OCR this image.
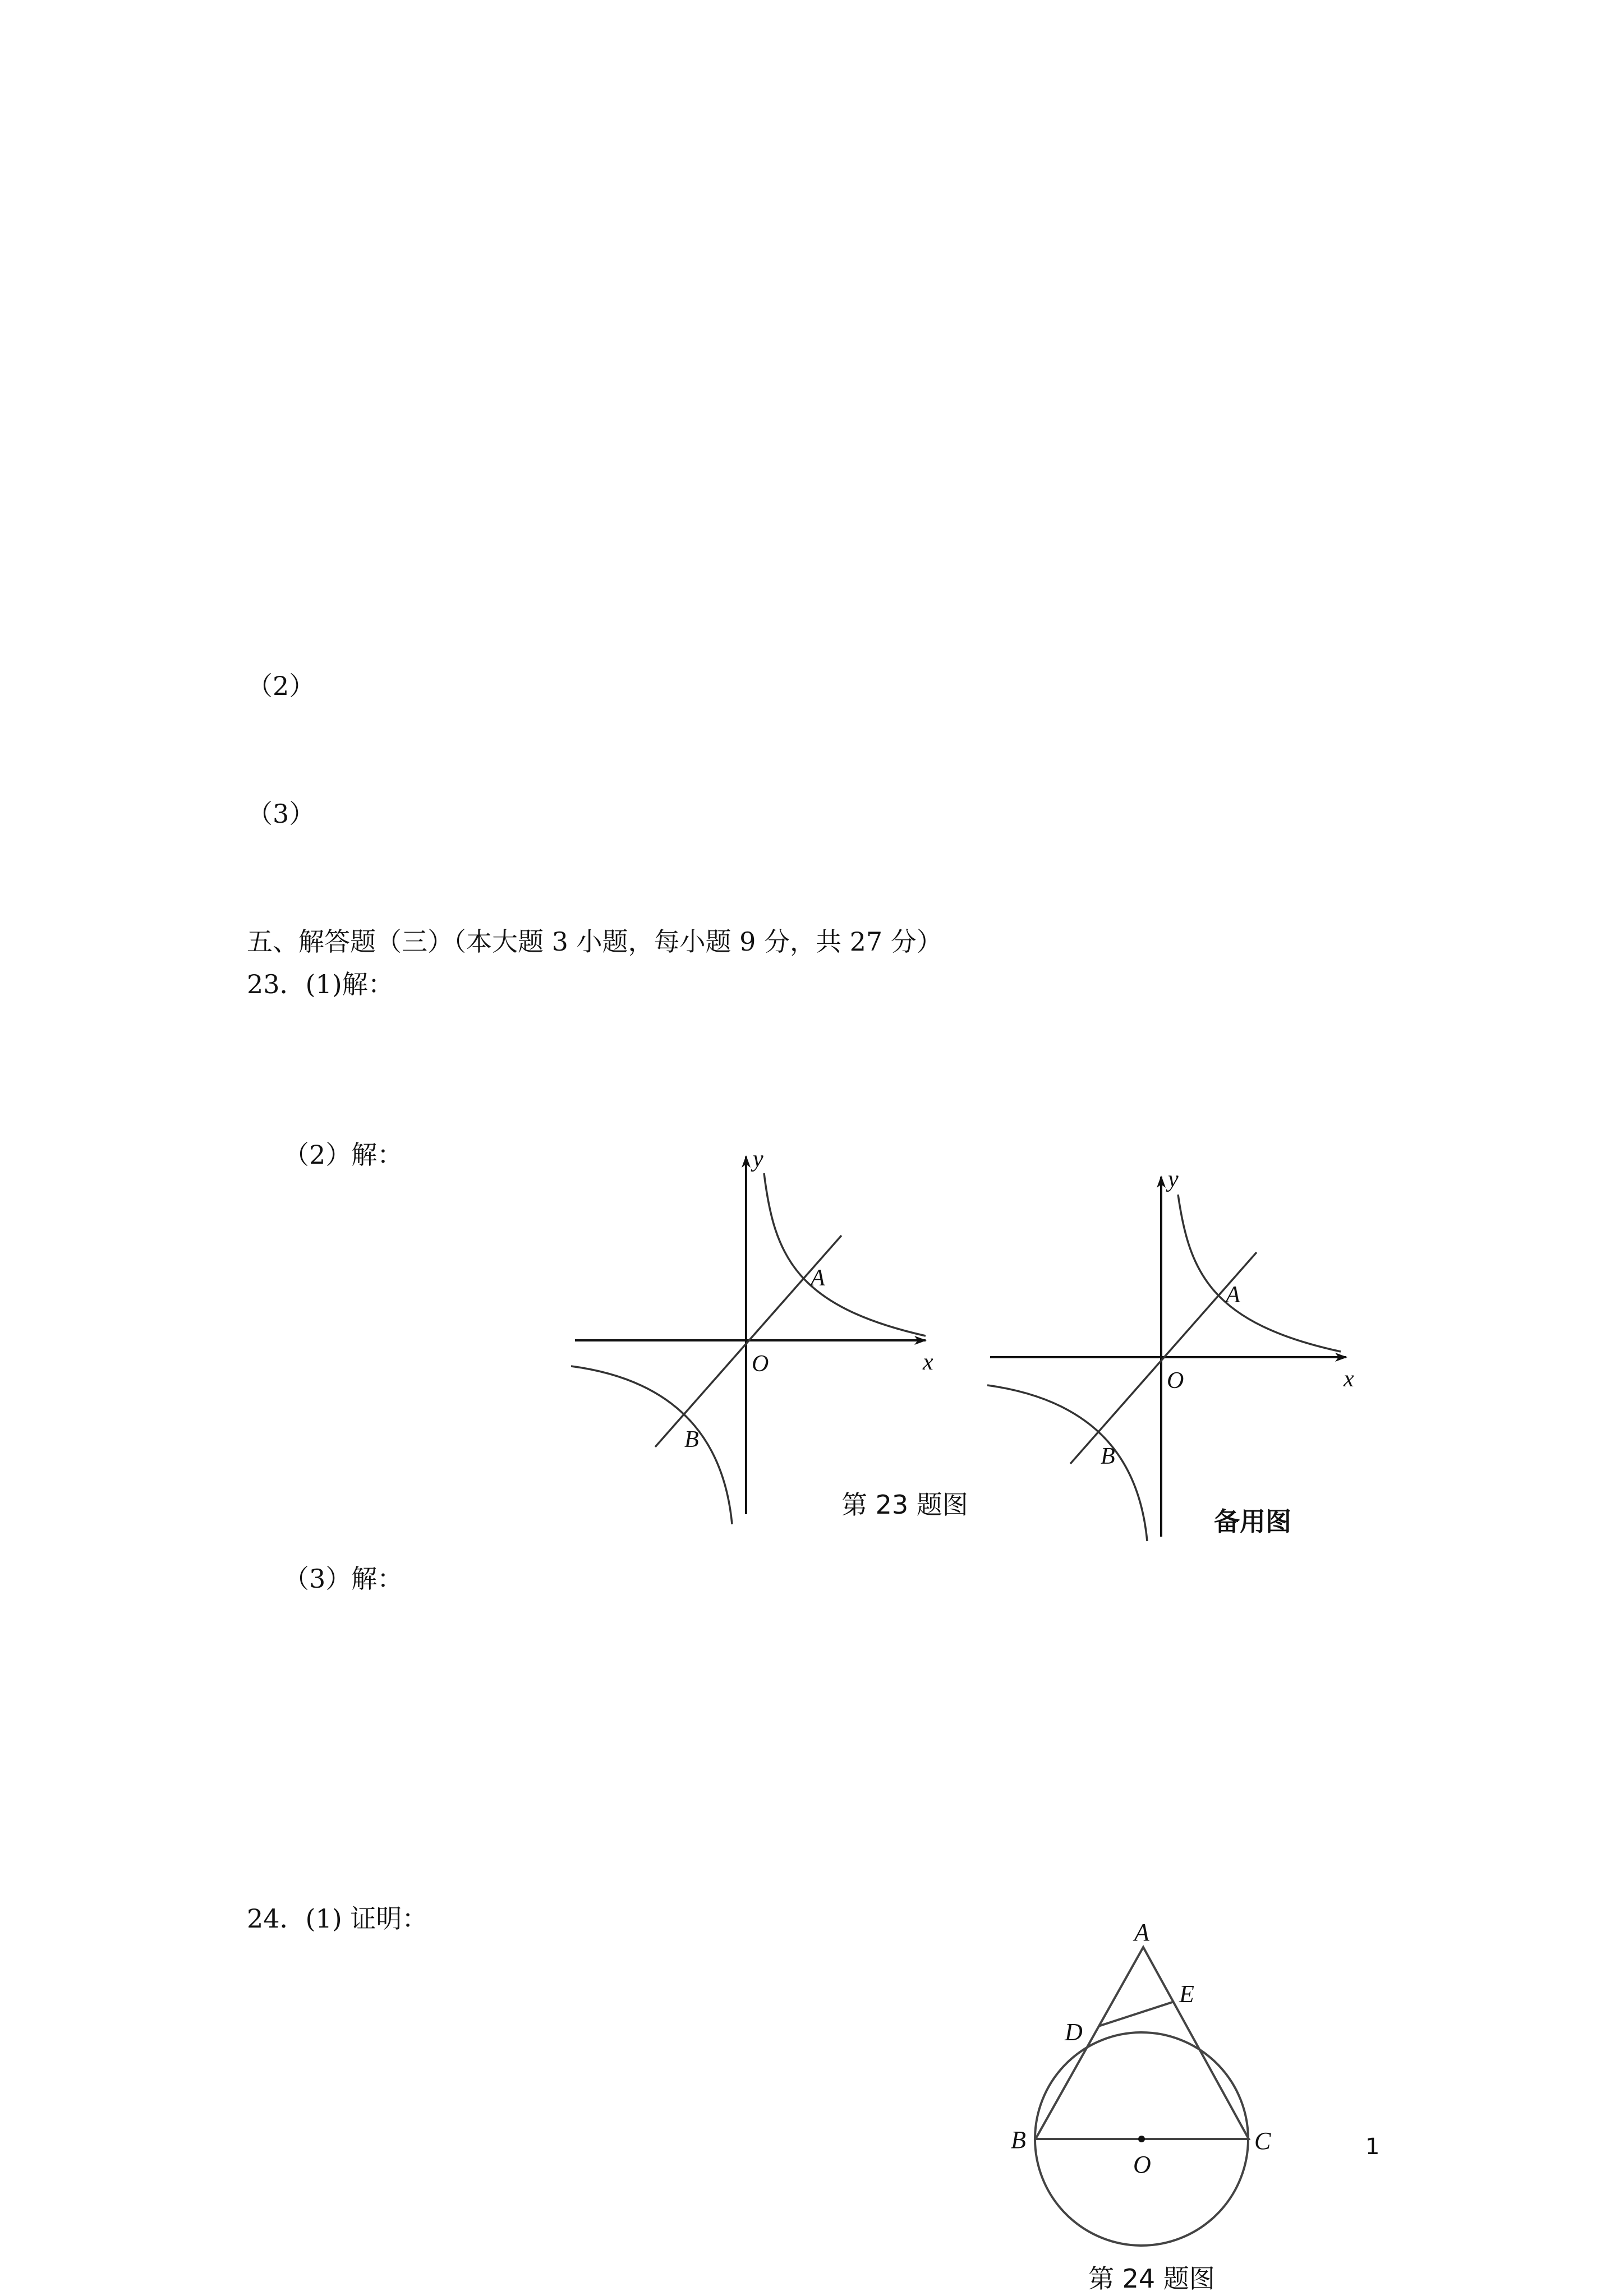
（2）
（3）
五、解答题（三）（本大题 3 小题，每小题 9 分，共 27 分）
23．(1)解：
（2）解：
（3）解：
24．(1) 证明：
y
x
O
A
B
第 23 题图
y
x
O
A
B
备用图
A
E
D
B	C
O
第 24 题图
1
